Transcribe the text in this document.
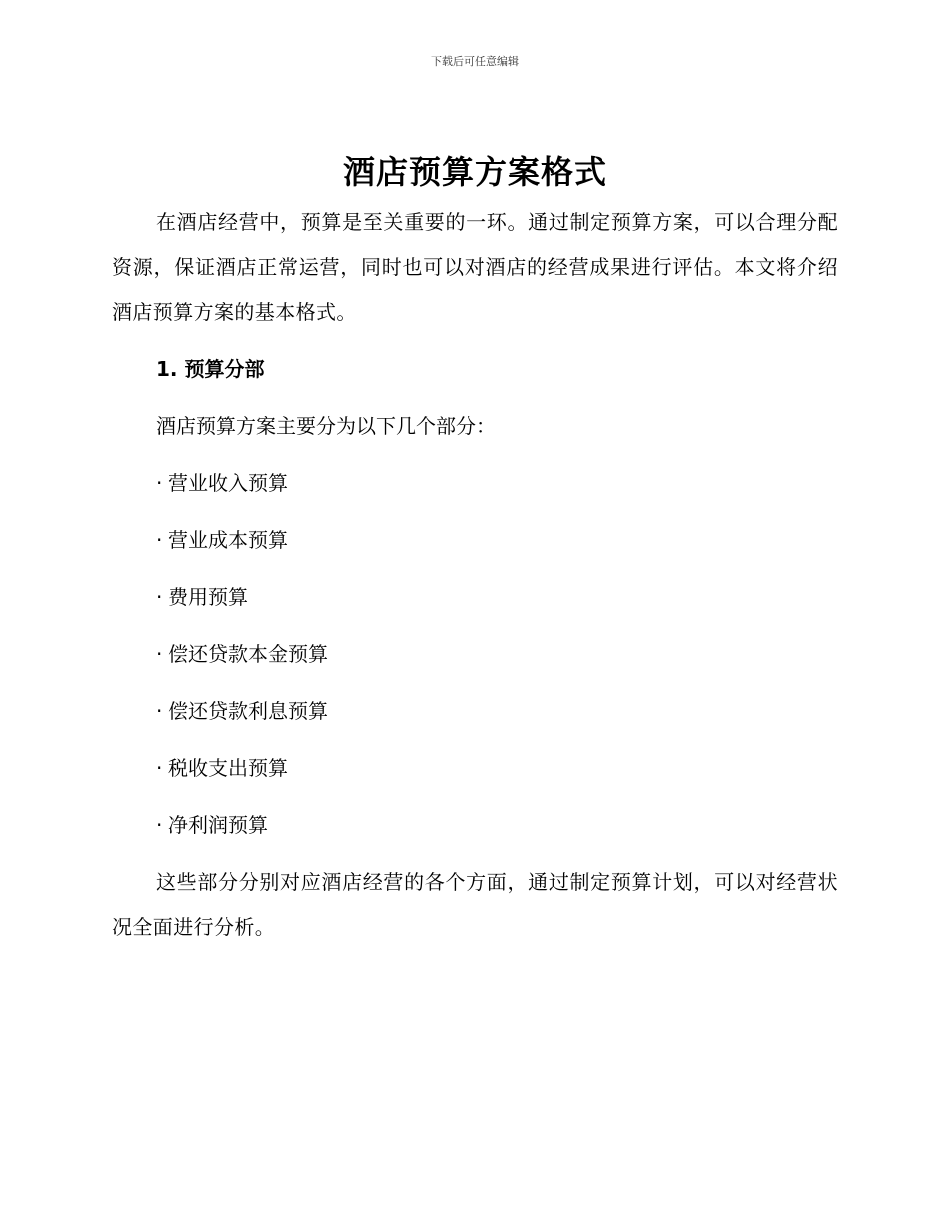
下载后可任意编辑
酒店预算方案格式

在酒店经营中，预算是至关重要的一环。通过制定预算方案，可以合理分配资源，保证酒店正常运营，同时也可以对酒店的经营成果进行评估。本文将介绍酒店预算方案的基本格式。

1. 预算分部
酒店预算方案主要分为以下几个部分：
· 营业收入预算
· 营业成本预算
· 费用预算
· 偿还贷款本金预算
· 偿还贷款利息预算
· 税收支出预算
· 净利润预算

这些部分分别对应酒店经营的各个方面，通过制定预算计划，可以对经营状况全面进行分析。
